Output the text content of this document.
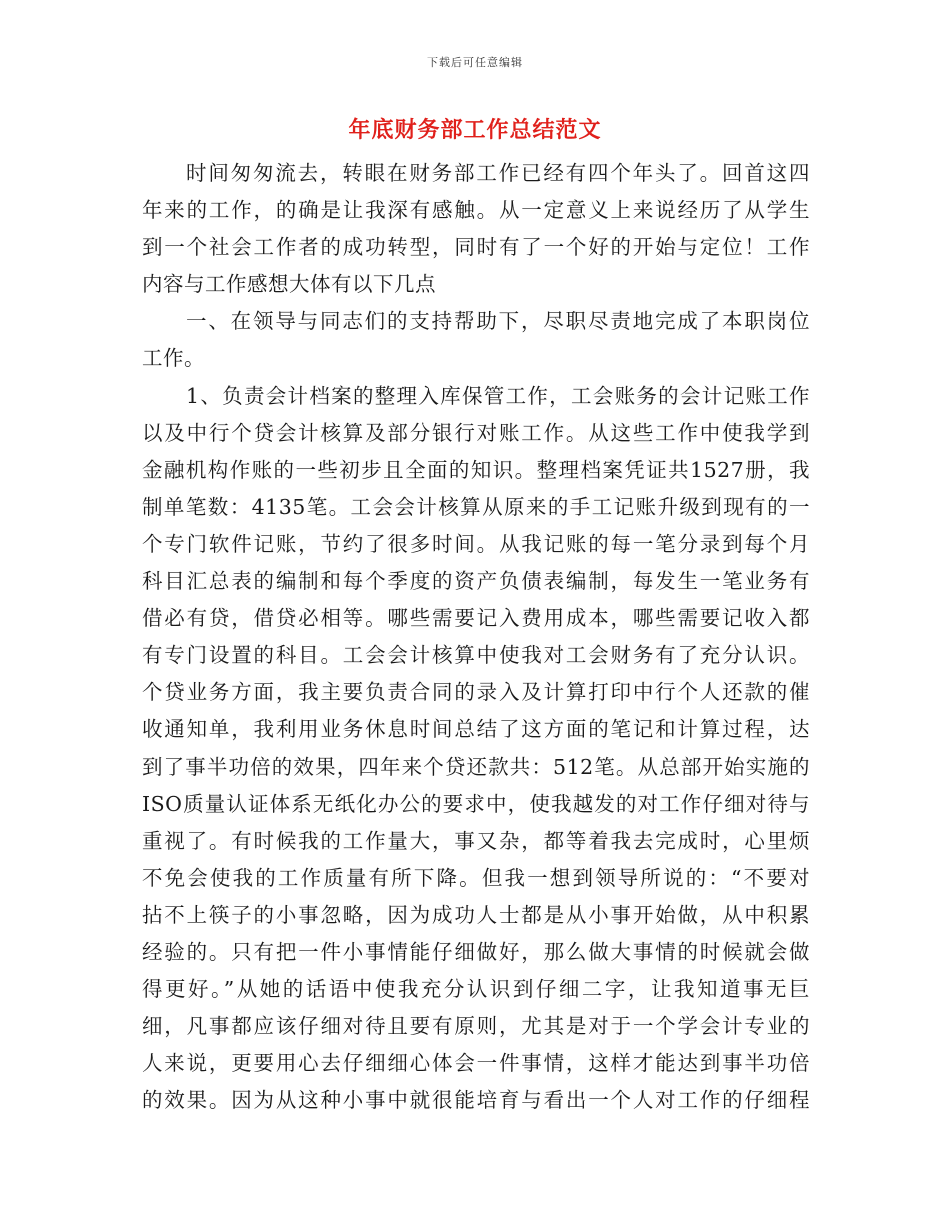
下载后可任意编辑
年底财务部工作总结范文
时间匆匆流去，转眼在财务部工作已经有四个年头了。回首这四
年来的工作，的确是让我深有感触。从一定意义上来说经历了从学生
到一个社会工作者的成功转型，同时有了一个好的开始与定位！工作
内容与工作感想大体有以下几点
一、在领导与同志们的支持帮助下，尽职尽责地完成了本职岗位
工作。
1、负责会计档案的整理入库保管工作，工会账务的会计记账工作
以及中行个贷会计核算及部分银行对账工作。从这些工作中使我学到
金融机构作账的一些初步且全面的知识。整理档案凭证共1527册，我
制单笔数：4135笔。工会会计核算从原来的手工记账升级到现有的一
个专门软件记账，节约了很多时间。从我记账的每一笔分录到每个月
科目汇总表的编制和每个季度的资产负债表编制，每发生一笔业务有
借必有贷，借贷必相等。哪些需要记入费用成本，哪些需要记收入都
有专门设置的科目。工会会计核算中使我对工会财务有了充分认识。
个贷业务方面，我主要负责合同的录入及计算打印中行个人还款的催
收通知单，我利用业务休息时间总结了这方面的笔记和计算过程，达
到了事半功倍的效果，四年来个贷还款共：512笔。从总部开始实施的
ISO质量认证体系无纸化办公的要求中，使我越发的对工作仔细对待与
重视了。有时候我的工作量大，事又杂，都等着我去完成时，心里烦
不免会使我的工作质量有所下降。但我一想到领导所说的：“不要对
拈不上筷子的小事忽略，因为成功人士都是从小事开始做，从中积累
经验的。只有把一件小事情能仔细做好，那么做大事情的时候就会做
得更好。”从她的话语中使我充分认识到仔细二字，让我知道事无巨
细，凡事都应该仔细对待且要有原则，尤其是对于一个学会计专业的
人来说，更要用心去仔细细心体会一件事情，这样才能达到事半功倍
的效果。因为从这种小事中就很能培育与看出一个人对工作的仔细程
